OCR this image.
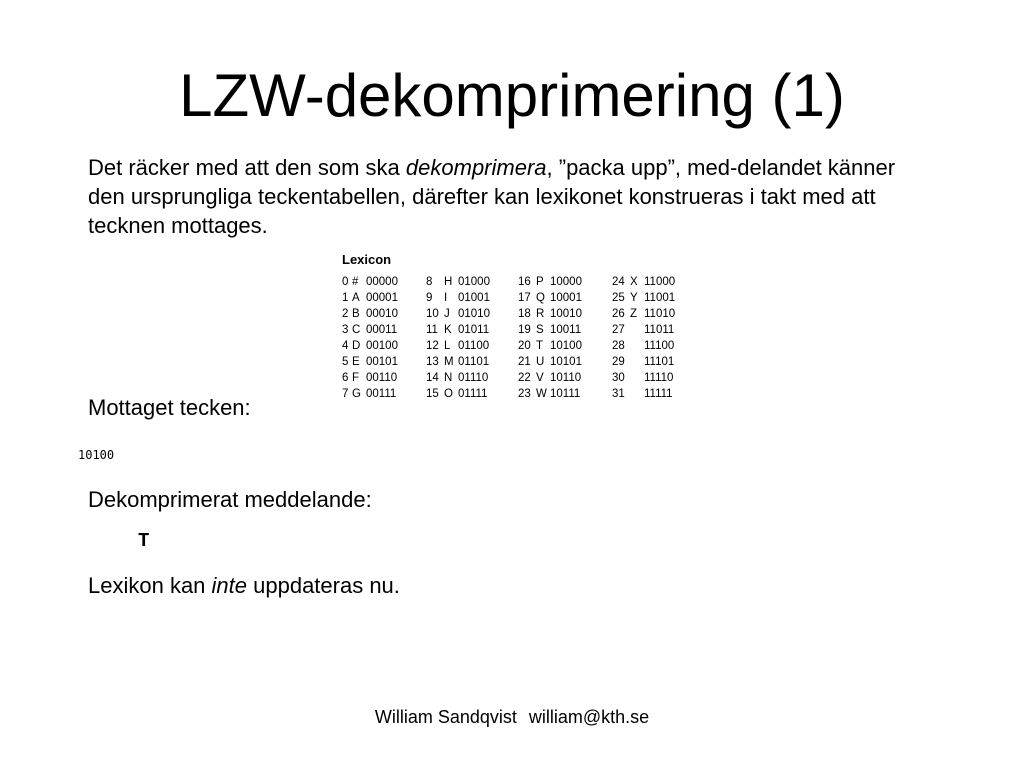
LZW-dekomprimering (1)

Det räcker med att den som ska dekomprimera, ”packa upp”, med-delandet känner den ursprungliga teckentabellen, därefter kan lexikonet konstrueras i takt med att tecknen mottages.

Lexicon
0 # 00000 8 H 01000 16 P 10000	24 X 11000
1 A 00001 9 I 01001 17 Q 10001	25 Y 11001
2 B 00010 10 J 01010 18 R 10010	26 Z 11010
3 C 00011	11 K 01011	19 S 10011	27 11011
4 D 00100 12 L 01100	20 T 10100	28 11100
5 E 00101 13 M 01101	21 U 10101	29 11101
6 F 00110	14 N 01110	22 V 10110	30 11110
7 G 00111	15 O 01111	23 W 10111	31 11111
Mottaget tecken:
10100
Dekomprimerat meddelande:
T
Lexikon kan inte uppdateras nu.
William Sandqvist william@kth.se
